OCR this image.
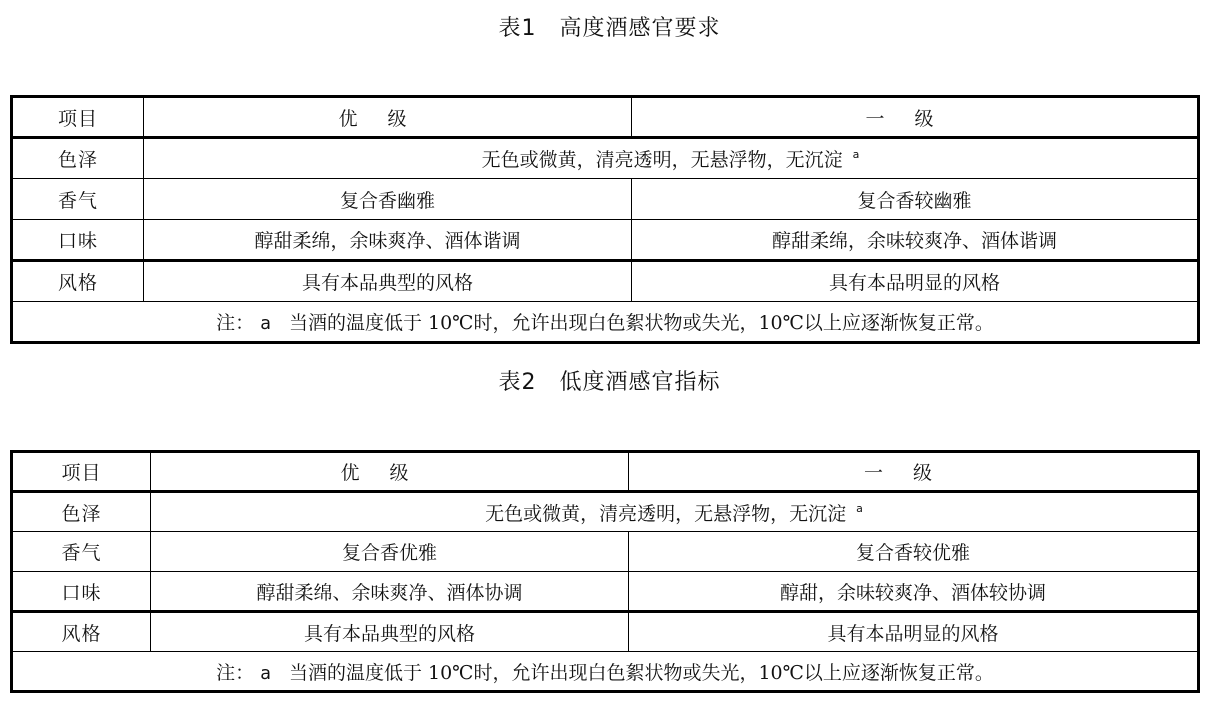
表1　高度酒感官要求
项目	优级	一级
色泽	无色或微黄，清亮透明，无悬浮物，无沉淀 $^a$
香气	复合香幽雅	复合香较幽雅
口味	醇甜柔绵，余味爽净、酒体谐调	醇甜柔绵，余味较爽净、酒体谐调
风格	具有本品典型的风格	具有本品明显的风格
注： a 当酒的温度低于 10℃时，允许出现白色絮状物或失光，10℃以上应逐渐恢复正常。		
表2　低度酒感官指标
项目	优级	一级
色泽	无色或微黄，清亮透明，无悬浮物，无沉淀 $^a$
香气	复合香优雅	复合香较优雅
口味	醇甜柔绵、余味爽净、酒体协调	醇甜，余味较爽净、酒体较协调
风格	具有本品典型的风格	具有本品明显的风格
注： a 当酒的温度低于 10℃时，允许出现白色絮状物或失光，10℃以上应逐渐恢复正常。		
